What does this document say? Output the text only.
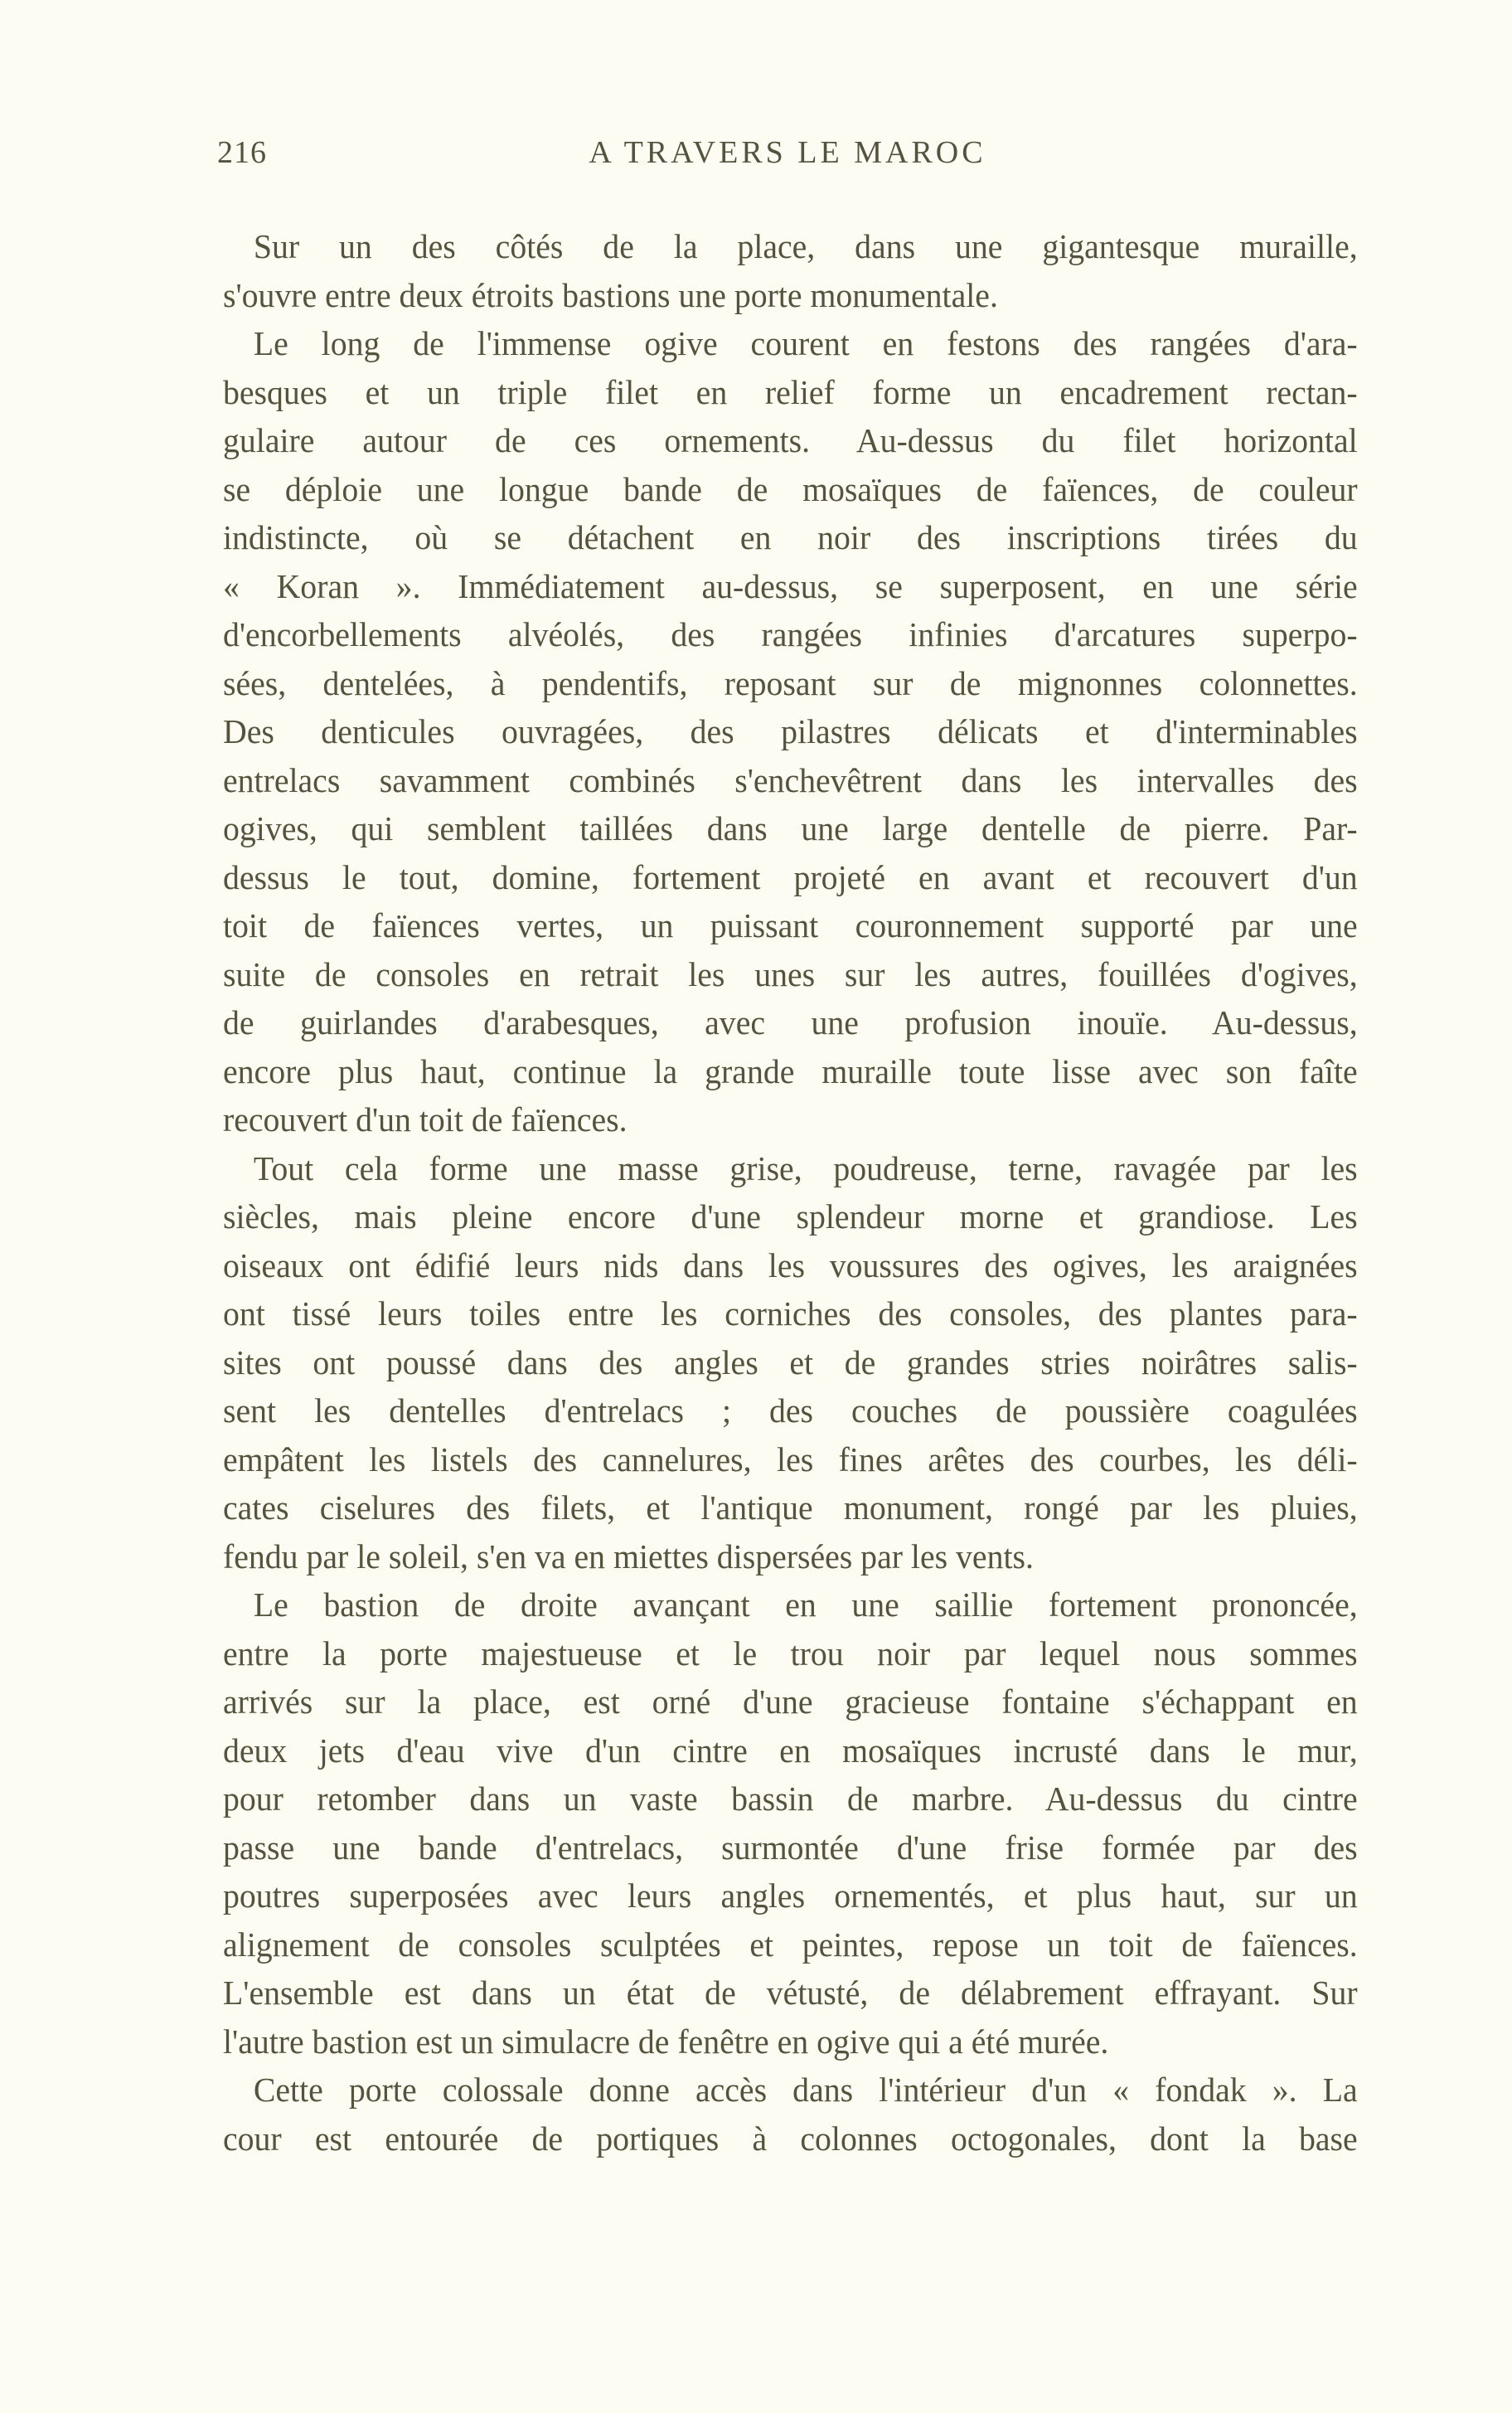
216	A TRAVERS LE MAROC
Sur un des côtés de la place, dans une gigantesque muraille,
s'ouvre entre deux étroits bastions une porte monumentale.
Le long de l'immense ogive courent en festons des rangées d'ara-
besques et un triple filet en relief forme un encadrement rectan-
gulaire autour de ces ornements. Au-dessus du filet horizontal
se déploie une longue bande de mosaïques de faïences, de couleur
indistincte, où se détachent en noir des inscriptions tirées du
« Koran ». Immédiatement au-dessus, se superposent, en une série
d'encorbellements alvéolés, des rangées infinies d'arcatures superpo-
sées, dentelées, à pendentifs, reposant sur de mignonnes colonnettes.
Des denticules ouvragées, des pilastres délicats et d'interminables
entrelacs savamment combinés s'enchevêtrent dans les intervalles des
ogives, qui semblent taillées dans une large dentelle de pierre. Par-
dessus le tout, domine, fortement projeté en avant et recouvert d'un
toit de faïences vertes, un puissant couronnement supporté par une
suite de consoles en retrait les unes sur les autres, fouillées d'ogives,
de guirlandes d'arabesques, avec une profusion inouïe. Au-dessus,
encore plus haut, continue la grande muraille toute lisse avec son faîte
recouvert d'un toit de faïences.
Tout cela forme une masse grise, poudreuse, terne, ravagée par les
siècles, mais pleine encore d'une splendeur morne et grandiose. Les
oiseaux ont édifié leurs nids dans les voussures des ogives, les araignées
ont tissé leurs toiles entre les corniches des consoles, des plantes para-
sites ont poussé dans des angles et de grandes stries noirâtres salis-
sent les dentelles d'entrelacs ; des couches de poussière coagulées
empâtent les listels des cannelures, les fines arêtes des courbes, les déli-
cates ciselures des filets, et l'antique monument, rongé par les pluies,
fendu par le soleil, s'en va en miettes dispersées par les vents.
Le bastion de droite avançant en une saillie fortement prononcée,
entre la porte majestueuse et le trou noir par lequel nous sommes
arrivés sur la place, est orné d'une gracieuse fontaine s'échappant en
deux jets d'eau vive d'un cintre en mosaïques incrusté dans le mur,
pour retomber dans un vaste bassin de marbre. Au-dessus du cintre
passe une bande d'entrelacs, surmontée d'une frise formée par des
poutres superposées avec leurs angles ornementés, et plus haut, sur un
alignement de consoles sculptées et peintes, repose un toit de faïences.
L'ensemble est dans un état de vétusté, de délabrement effrayant. Sur
l'autre bastion est un simulacre de fenêtre en ogive qui a été murée.
Cette porte colossale donne accès dans l'intérieur d'un « fondak ». La
cour est entourée de portiques à colonnes octogonales, dont la base
